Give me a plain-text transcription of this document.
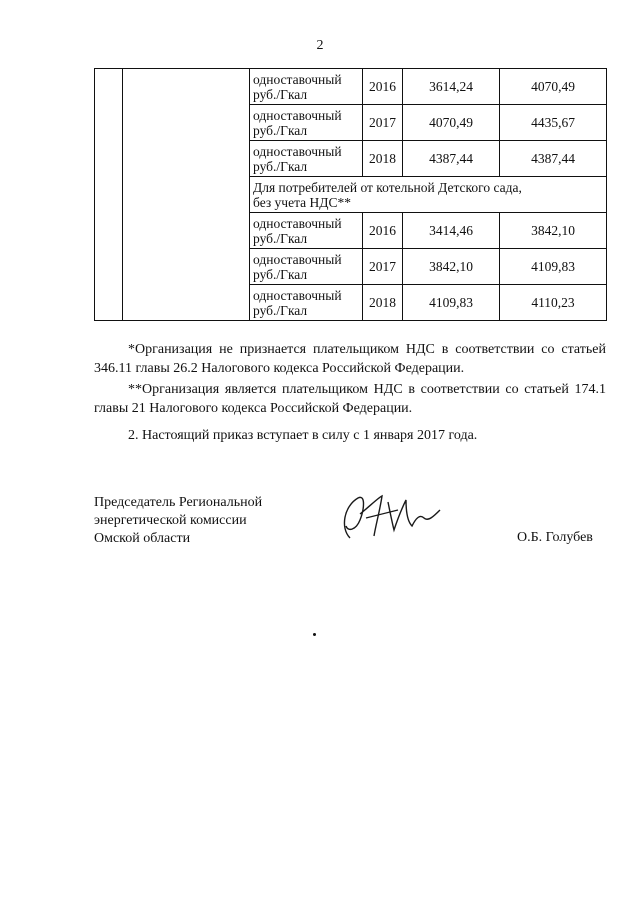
2

		одноставочный
руб./Гкал	2016	3614,24	4070,49

		одноставочный
руб./Гкал	2017	4070,49	4435,67

		одноставочный
руб./Гкал	2018	4387,44	4387,44

		Для потребителей от котельной Детского сада,
без учета НДС**			

		одноставочный
руб./Гкал	2016	3414,46	3842,10

		одноставочный
руб./Гкал	2017	3842,10	4109,83

		одноставочный
руб./Гкал	2018	4109,83	4110,23

*Организация не признается плательщиком НДС в соответствии со статьей 346.11 главы 26.2 Налогового кодекса Российской Федерации.

**Организация является плательщиком НДС в соответствии со статьей 174.1 главы 21 Налогового кодекса Российской Федерации.

2. Настоящий приказ вступает в силу с 1 января 2017 года.
Председатель Региональной
энергетической комиссии
Омской области	О.Б. Голубев
